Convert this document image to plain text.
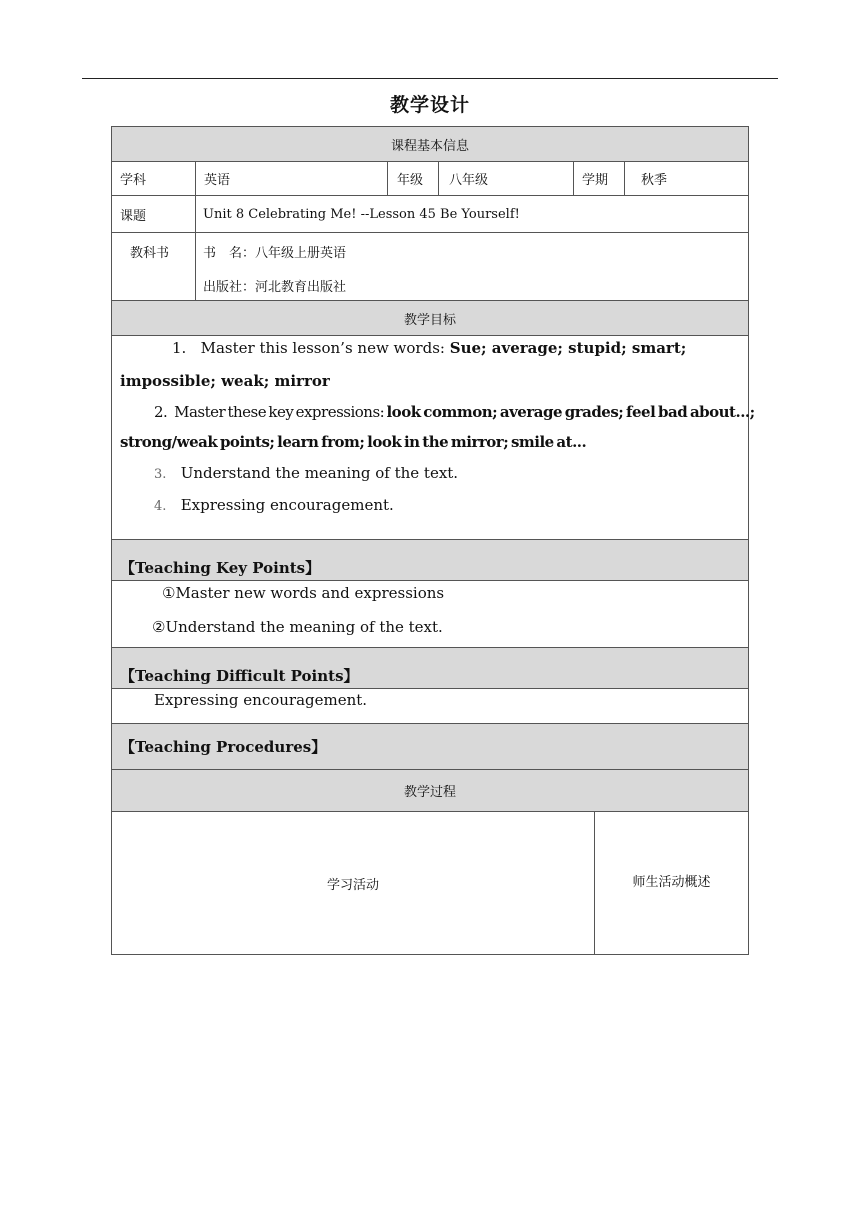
教学设计
课程基本信息
学科	英语	年级	八年级	学期	秋季
课题	Unit 8 Celebrating Me! --Lesson 45 Be Yourself!
教科书	书　名：八年级上册英语
出版社：河北教育出版社
教学目标
1. Master this lesson’s new words: Sue; average; stupid; smart;
impossible; weak; mirror
2. Master these key expressions: look common; average grades; feel bad about...;
strong/weak points; learn from; look in the mirror; smile at...
3. Understand the meaning of the text.
4. Expressing encouragement.
【Teaching Key Points】
①Master new words and expressions
②Understand the meaning of the text.
【Teaching Difficult Points】
Expressing encouragement.
【Teaching Procedures】
教学过程
学习活动	师生活动概述
